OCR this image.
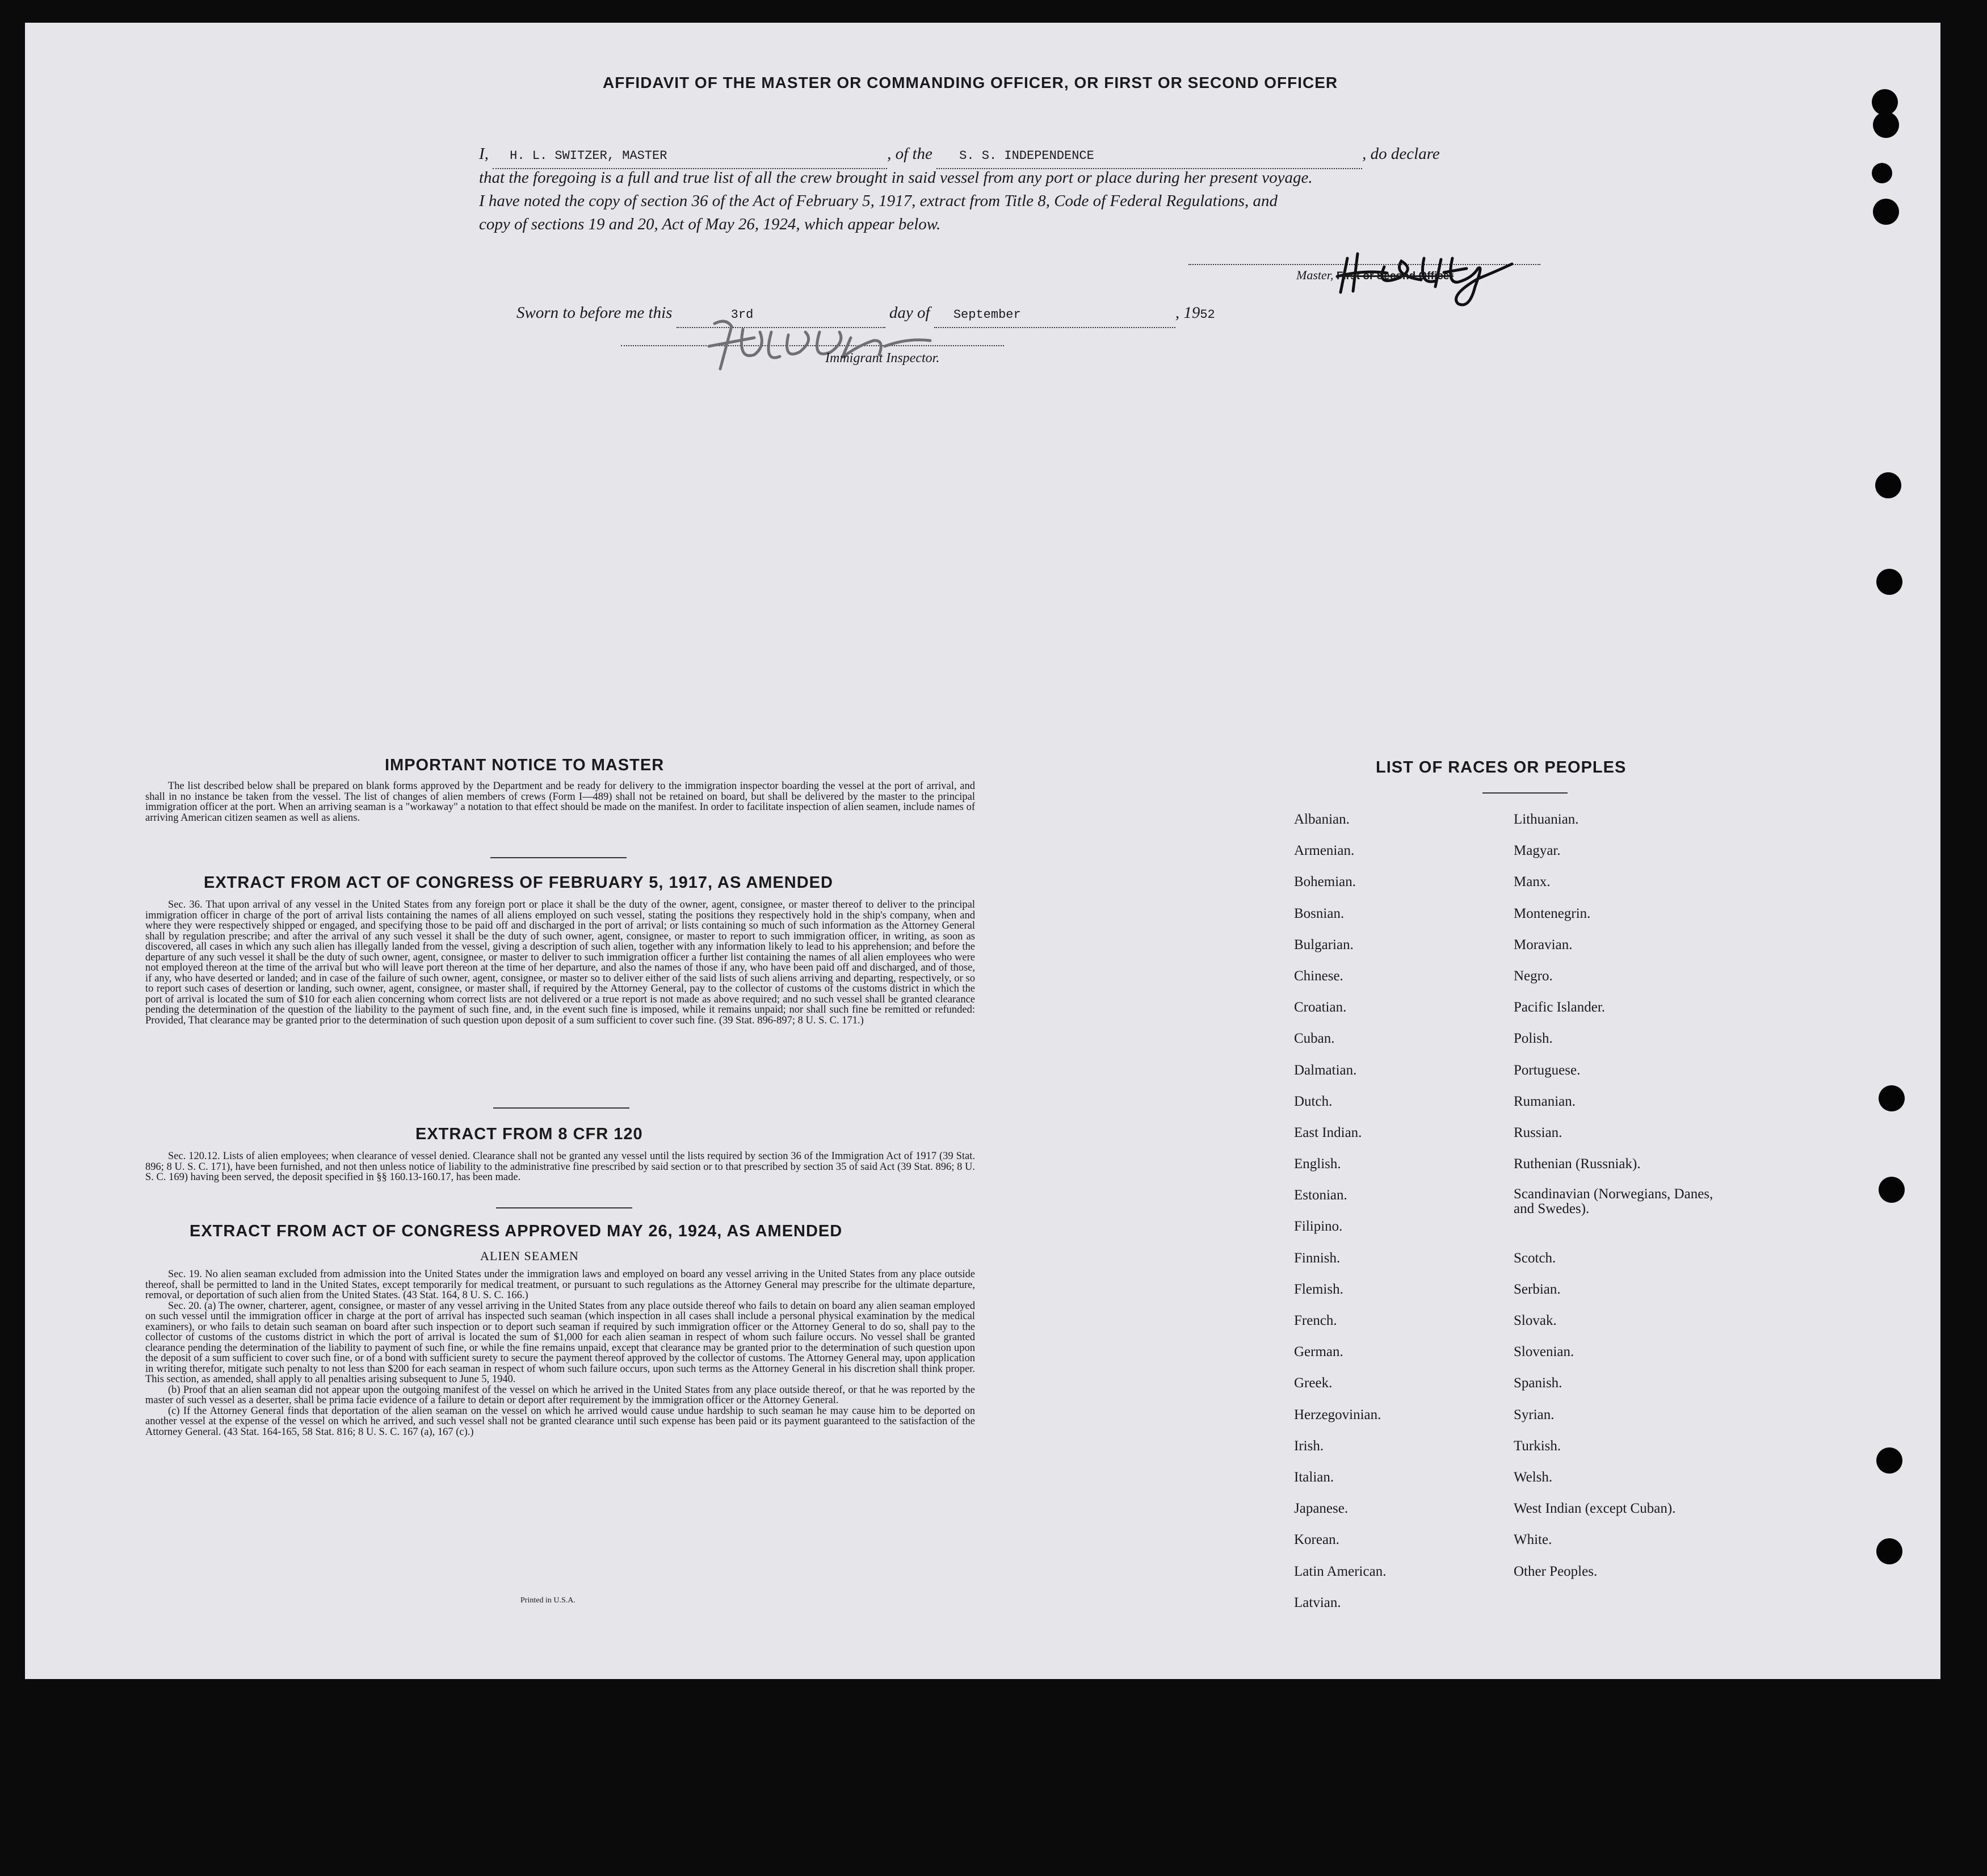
AFFIDAVIT OF THE MASTER OR COMMANDING OFFICER, OR FIRST OR SECOND OFFICER
I, H. L. SWITZER, MASTER	, of the S. S. INDEPENDENCE	, do declare
that the foregoing is a full and true list of all the crew brought in said vessel from any port or place during her present voyage.
I have noted the copy of section 36 of the Act of February 5, 1917, extract from Title 8, Code of Federal Regulations, and
copy of sections 19 and 20, Act of May 26, 1924, which appear below.
Master, First or Second Officer
Sworn to before me this	3rd	day of September	, 1952
Immigrant Inspector.
IMPORTANT NOTICE TO MASTER

The list described below shall be prepared on blank forms approved by the Department and be ready for delivery to the immigration inspector boarding the vessel at the port of arrival, and shall in no instance be taken from the vessel. The list of changes of alien members of crews (Form I—489) shall not be retained on board, but shall be delivered by the master to the principal immigration officer at the port. When an arriving seaman is a "workaway" a notation to that effect should be made on the manifest. In order to facilitate inspection of alien seamen, include names of arriving American citizen seamen as well as aliens.

EXTRACT FROM ACT OF CONGRESS OF FEBRUARY 5, 1917, AS AMENDED

Sec. 36. That upon arrival of any vessel in the United States from any foreign port or place it shall be the duty of the owner, agent, consignee, or master thereof to deliver to the principal immigration officer in charge of the port of arrival lists containing the names of all aliens employed on such vessel, stating the positions they respectively hold in the ship's company, when and where they were respectively shipped or engaged, and specifying those to be paid off and discharged in the port of arrival; or lists containing so much of such information as the Attorney General shall by regulation prescribe; and after the arrival of any such vessel it shall be the duty of such owner, agent, consignee, or master to report to such immigration officer, in writing, as soon as discovered, all cases in which any such alien has illegally landed from the vessel, giving a description of such alien, together with any information likely to lead to his apprehension; and before the departure of any such vessel it shall be the duty of such owner, agent, consignee, or master to deliver to such immigration officer a further list containing the names of all alien employees who were not employed thereon at the time of the arrival but who will leave port thereon at the time of her departure, and also the names of those if any, who have been paid off and discharged, and of those, if any, who have deserted or landed; and in case of the failure of such owner, agent, consignee, or master so to deliver either of the said lists of such aliens arriving and departing, respectively, or so to report such cases of desertion or landing, such owner, agent, consignee, or master shall, if required by the Attorney General, pay to the collector of customs of the customs district in which the port of arrival is located the sum of $10 for each alien concerning whom correct lists are not delivered or a true report is not made as above required; and no such vessel shall be granted clearance pending the determination of the question of the liability to the payment of such fine, and, in the event such fine is imposed, while it remains unpaid; nor shall such fine be remitted or refunded: Provided, That clearance may be granted prior to the determination of such question upon deposit of a sum sufficient to cover such fine. (39 Stat. 896-897; 8 U. S. C. 171.)

EXTRACT FROM 8 CFR 120

Sec. 120.12. Lists of alien employees; when clearance of vessel denied. Clearance shall not be granted any vessel until the lists required by section 36 of the Immigration Act of 1917 (39 Stat. 896; 8 U. S. C. 171), have been furnished, and not then unless notice of liability to the administrative fine prescribed by said section or to that prescribed by section 35 of said Act (39 Stat. 896; 8 U. S. C. 169) having been served, the deposit specified in §§ 160.13-160.17, has been made.

EXTRACT FROM ACT OF CONGRESS APPROVED MAY 26, 1924, AS AMENDED
ALIEN SEAMEN

Sec. 19. No alien seaman excluded from admission into the United States under the immigration laws and employed on board any vessel arriving in the United States from any place outside thereof, shall be permitted to land in the United States, except temporarily for medical treatment, or pursuant to such regulations as the Attorney General may prescribe for the ultimate departure, removal, or deportation of such alien from the United States. (43 Stat. 164, 8 U. S. C. 166.)

Sec. 20. (a) The owner, charterer, agent, consignee, or master of any vessel arriving in the United States from any place outside thereof who fails to detain on board any alien seaman employed on such vessel until the immigration officer in charge at the port of arrival has inspected such seaman (which inspection in all cases shall include a personal physical examination by the medical examiners), or who fails to detain such seaman on board after such inspection or to deport such seaman if required by such immigration officer or the Attorney General to do so, shall pay to the collector of customs of the customs district in which the port of arrival is located the sum of $1,000 for each alien seaman in respect of whom such failure occurs. No vessel shall be granted clearance pending the determination of the liability to payment of such fine, or while the fine remains unpaid, except that clearance may be granted prior to the determination of such question upon the deposit of a sum sufficient to cover such fine, or of a bond with sufficient surety to secure the payment thereof approved by the collector of customs. The Attorney General may, upon application in writing therefor, mitigate such penalty to not less than $200 for each seaman in respect of whom such failure occurs, upon such terms as the Attorney General in his discretion shall think proper. This section, as amended, shall apply to all penalties arising subsequent to June 5, 1940.

(b) Proof that an alien seaman did not appear upon the outgoing manifest of the vessel on which he arrived in the United States from any place outside thereof, or that he was reported by the master of such vessel as a deserter, shall be prima facie evidence of a failure to detain or deport after requirement by the immigration officer or the Attorney General.

(c) If the Attorney General finds that deportation of the alien seaman on the vessel on which he arrived would cause undue hardship to such seaman he may cause him to be deported on another vessel at the expense of the vessel on which he arrived, and such vessel shall not be granted clearance until such expense has been paid or its payment guaranteed to the satisfaction of the Attorney General. (43 Stat. 164-165, 58 Stat. 816; 8 U. S. C. 167 (a), 167 (c).)

Printed in U.S.A.
LIST OF RACES OR PEOPLES
Albanian.
Armenian.
Bohemian.
Bosnian.
Bulgarian.
Chinese.
Croatian.
Cuban.
Dalmatian.
Dutch.
East Indian.
English.
Estonian.
Filipino.
Finnish.
Flemish.
French.
German.
Greek.
Herzegovinian.
Irish.
Italian.
Japanese.
Korean.
Latin American.
Latvian.
Lithuanian.
Magyar.
Manx.
Montenegrin.
Moravian.
Negro.
Pacific Islander.
Polish.
Portuguese.
Rumanian.
Russian.
Ruthenian (Russniak).
Scandinavian (Norwegians, Danes, and Swedes).
Scotch.
Serbian.
Slovak.
Slovenian.
Spanish.
Syrian.
Turkish.
Welsh.
West Indian (except Cuban).
White.
Other Peoples.
